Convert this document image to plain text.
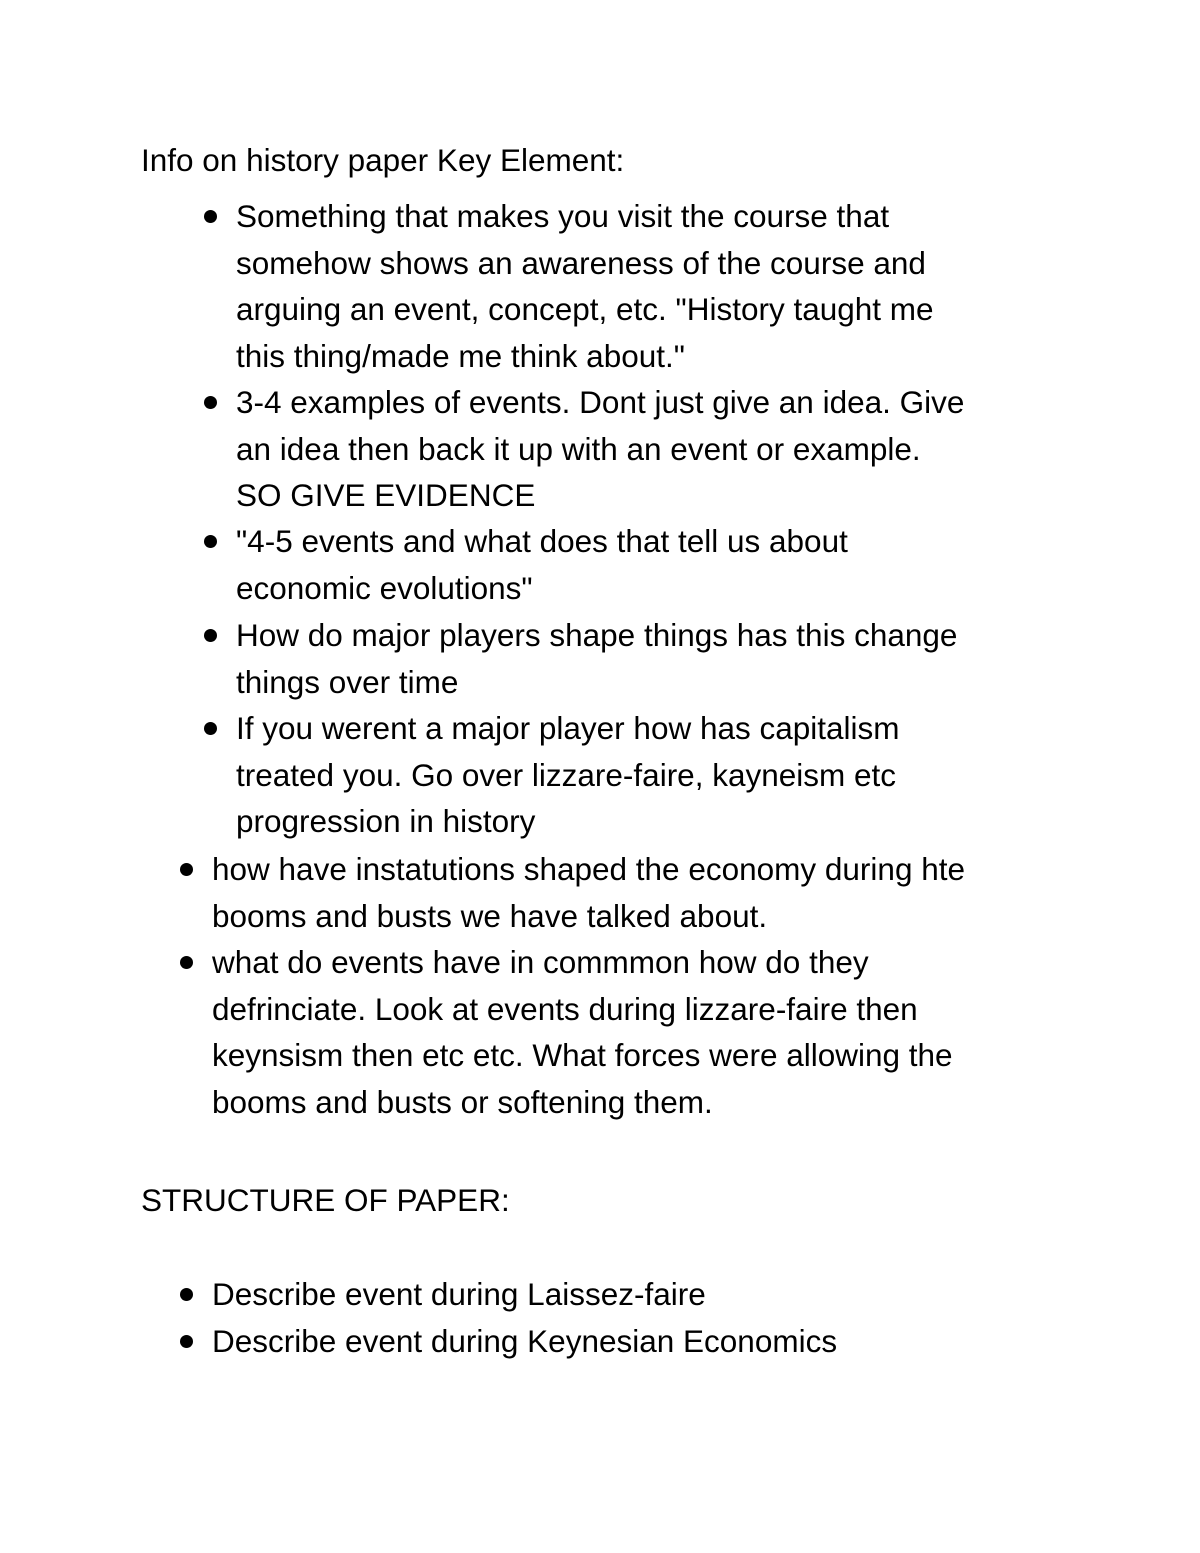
Info on history paper Key Element:
Something that makes you visit the course that
somehow shows an awareness of the course and
arguing an event, concept, etc. "History taught me
this thing/made me think about."
3-4 examples of events. Dont just give an idea. Give
an idea then back it up with an event or example.
SO GIVE EVIDENCE
"4-5 events and what does that tell us about
economic evolutions"
How do major players shape things has this change
things over time
If you werent a major player how has capitalism
treated you. Go over lizzare-faire, kayneism etc
progression in history
how have instatutions shaped the economy during hte
booms and busts we have talked about.
what do events have in commmon how do they
defrinciate. Look at events during lizzare-faire then
keynsism then etc etc. What forces were allowing the
booms and busts or softening them.
STRUCTURE OF PAPER:
Describe event during Laissez-faire
Describe event during Keynesian Economics
